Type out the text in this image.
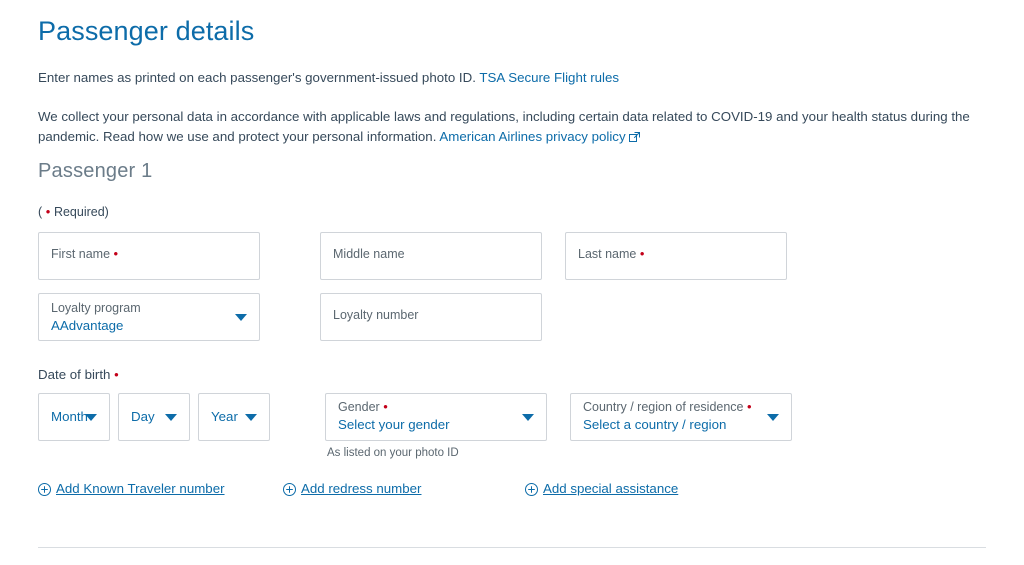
Passenger details
Enter names as printed on each passenger's government-issued photo ID. TSA Secure Flight rules
We collect your personal data in accordance with applicable laws and regulations, including certain data related to COVID-19 and your health status during the pandemic. Read how we use and protect your personal information. American Airlines privacy policy
Passenger 1
( • Required)
First name •	Middle name	Last name •
Loyalty program
AAdvantage
Loyalty number
Date of birth •
Month	Day	Year
Gender •
Select your gender
As listed on your photo ID
Country / region of residence •
Select a country / region
Add Known Traveler number	Add redress number	Add special assistance
